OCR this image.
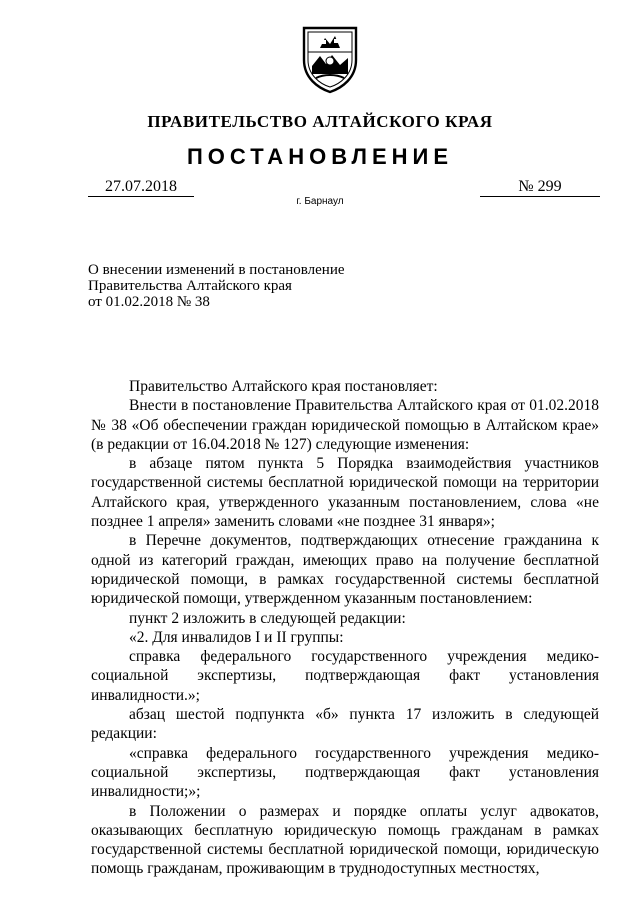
ПРАВИТЕЛЬСТВО АЛТАЙСКОГО КРАЯ
ПОСТАНОВЛЕНИЕ
27.07.2018	№ 299
г. Барнаул
О внесении изменений в постановление
Правительства Алтайского края
от 01.02.2018 № 38

Правительство Алтайского края постановляет:

Внести в постановление Правительства Алтайского края от 01.02.2018 № 38 «Об обеспечении граждан юридической помощью в Алтайском крае» (в редакции от 16.04.2018 № 127) следующие изменения:

в абзаце пятом пункта 5 Порядка взаимодействия участников государственной системы бесплатной юридической помощи на территории Алтайского края, утвержденного указанным постановлением, слова «не позднее 1 апреля» заменить словами «не позднее 31 января»;

в Перечне документов, подтверждающих отнесение гражданина к одной из категорий граждан, имеющих право на получение бесплатной юридической помощи, в рамках государственной системы бесплатной юридической помощи, утвержденном указанным постановлением:

пункт 2 изложить в следующей редакции:

«2. Для инвалидов I и II группы:

справка федерального государственного учреждения медико-социальной экспертизы, подтверждающая факт установления инвалидности.»;

абзац шестой подпункта «б» пункта 17 изложить в следующей редакции:

«справка федерального государственного учреждения медико-социальной экспертизы, подтверждающая факт установления инвалидности;»;

в Положении о размерах и порядке оплаты услуг адвокатов, оказывающих бесплатную юридическую помощь гражданам в рамках государственной системы бесплатной юридической помощи, юридическую помощь гражданам, проживающим в труднодоступных местностях,
